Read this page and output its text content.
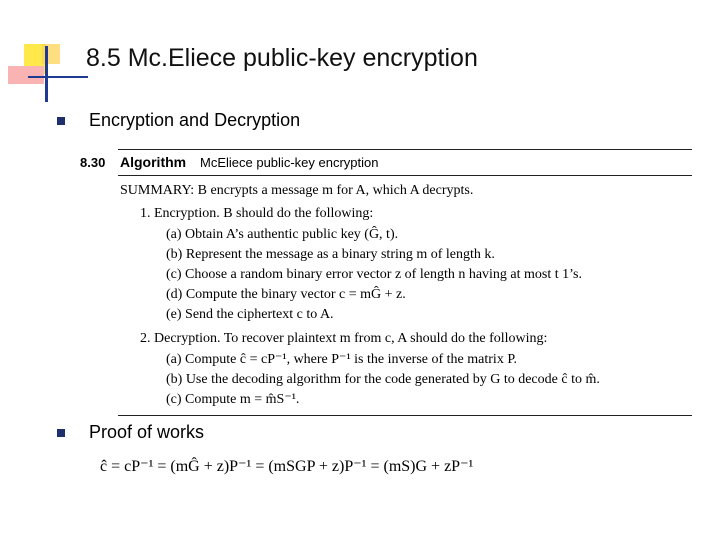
8.5 Mc.Eliece public-key encryption
Encryption and Decryption
8.30 Algorithm McEliece public-key encryption
SUMMARY: B encrypts a message m for A, which A decrypts.
1. Encryption. B should do the following:
(a) Obtain A’s authentic public key (Ĝ, t).
(b) Represent the message as a binary string m of length k.
(c) Choose a random binary error vector z of length n having at most t 1’s.
(d) Compute the binary vector c = mĜ + z.
(e) Send the ciphertext c to A.
2. Decryption. To recover plaintext m from c, A should do the following:
(a) Compute ĉ = cP⁻¹, where P⁻¹ is the inverse of the matrix P.
(b) Use the decoding algorithm for the code generated by G to decode ĉ to m̂.
(c) Compute m = m̂S⁻¹.
Proof of works
ĉ = cP⁻¹ = (mĜ + z)P⁻¹ = (mSGP + z)P⁻¹ = (mS)G + zP⁻¹
